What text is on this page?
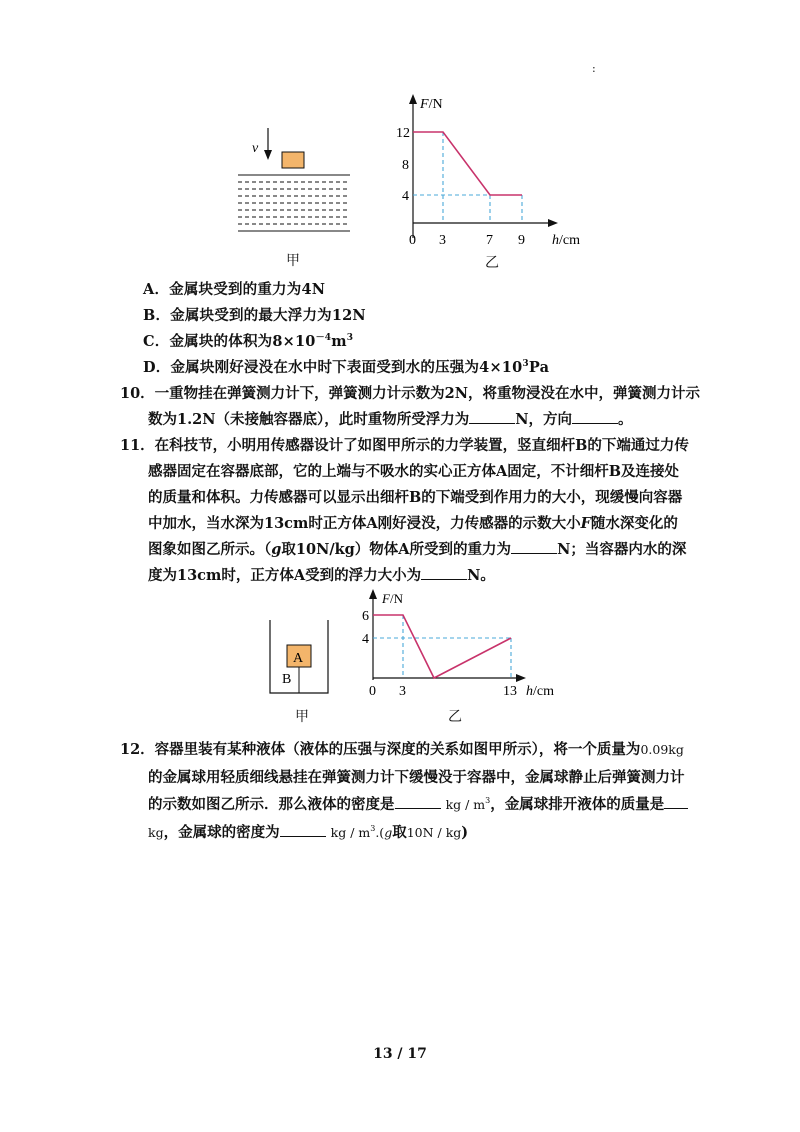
:
v
甲
F/N
12
8
4
0 3	7 9 h/cm
乙
A．金属块受到的重力为4N
B．金属块受到的最大浮力为12N
C．金属块的体积为$8\times 10^{-4}m^3$
D．金属块刚好浸没在水中时下表面受到水的压强为$4\times 10^3Pa$
10．一重物挂在弹簧测力计下，弹簧测力计示数为2N，将重物浸没在水中，弹簧测力计示
数为1.2N（未接触容器底），此时重物所受浮力为	N，方向	。
11．在科技节，小明用传感器设计了如图甲所示的力学装置，竖直细杆B的下端通过力传
感器固定在容器底部，它的上端与不吸水的实心正方体A固定，不计细杆B及连接处
的质量和体积。力传感器可以显示出细杆B的下端受到作用力的大小，现缓慢向容器
中加水，当水深为13cm时正方体A刚好浸没，力传感器的示数大小F随水深变化的
图象如图乙所示。（g取10N/kg）物体A所受到的重力为	N；当容器内水的深
度为13cm时，正方体A受到的浮力大小为	N。
A
B
甲
F/N
6
4
0 3	13 h/cm
乙
12．容器里装有某种液体（液体的压强与深度的关系如图甲所示），将一个质量为0.09kg
的金属球用轻质细线悬挂在弹簧测力计下缓慢没于容器中，金属球静止后弹簧测力计
的示数如图乙所示．那么液体的密度是	kg / $m^3$，金属球排开液体的质量是
kg，金属球的密度为	kg / $m^3.(g$取10N / kg)
13 / 17
